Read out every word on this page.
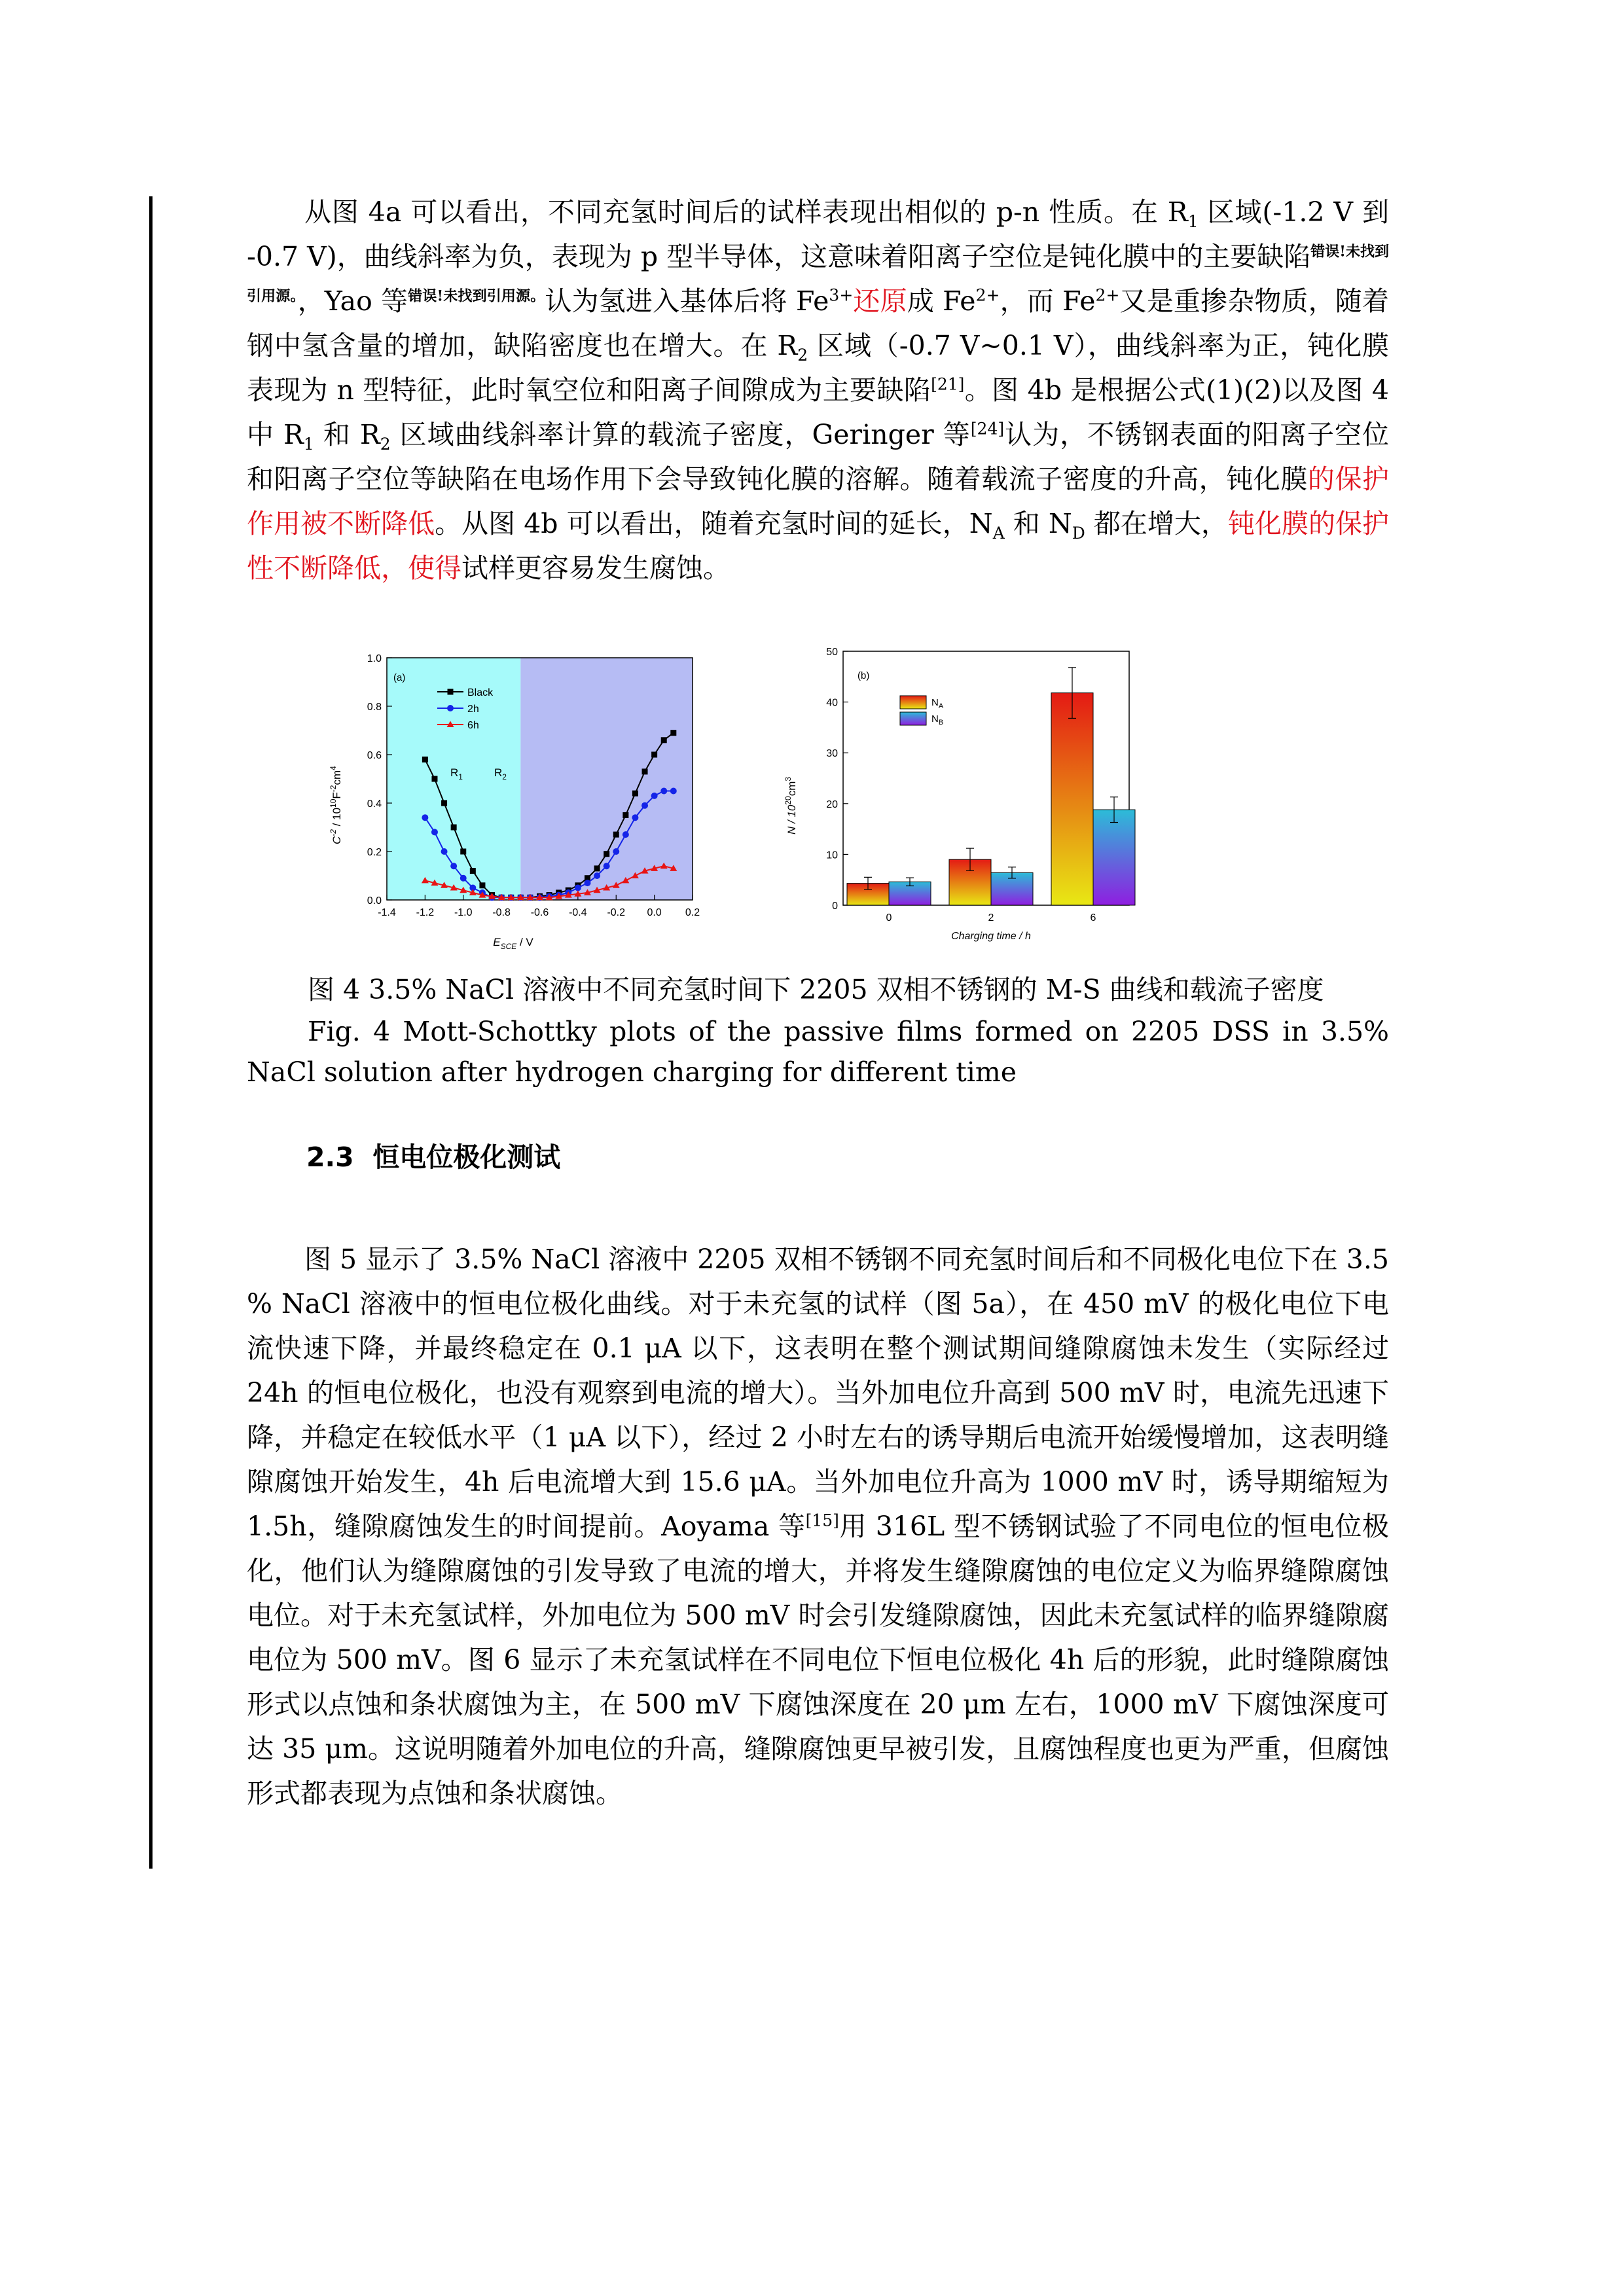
从图 4a 可以看出，不同充氢时间后的试样表现出相似的 p-n 性质。在 $R_1$ 区域(-1.2 V 到 -0.7 V)，曲线斜率为负，表现为 p 型半导体，这意味着阳离子空位是钝化膜中的主要缺陷$^{错误!未找到引用源。}$，Yao 等$^{错误!未找到引用源。}$认为氢进入基体后将 $Fe^{3+}$还原成 $Fe^{2+}$，而 $Fe^{2+}$又是重掺杂物质，随着钢中氢含量的增加，缺陷密度也在增大。在 $R_2$ 区域（-0.7 V~0.1 V），曲线斜率为正，钝化膜表现为 n 型特征，此时氧空位和阳离子间隙成为主要缺陷[21]。图 4b 是根据公式(1)(2)以及图 4 中 $R_1$ 和 $R_2$ 区域曲线斜率计算的载流子密度，Geringer 等[24]认为，不锈钢表面的阳离子空位和阳离子空位等缺陷在电场作用下会导致钝化膜的溶解。随着载流子密度的升高，钝化膜的保护作用被不断降低。从图 4b 可以看出，随着充氢时间的延长，$N_A$ 和 $N_D$ 都在增大，钝化膜的保护性不断降低，使得试样更容易发生腐蚀。

-1.4 -1.2 -1.0 -0.8 -0.6 -0.4 -0.2 0.0 0.2
0.0
0.2
0.4
0.6
0.8
1.0
(a)
$R_1$	$R_2$
Black
2h
6h
$C^{-2} / 10^{10}F^{-2}cm^4$
$E_{SCE}$ / V
0
10
20
30
40
50
0	2	6
Charging time / h
(b)
$N_A$
$N_B$
N / $10^{20}cm^3$

图 4 3.5% NaCl 溶液中不同充氢时间下 2205 双相不锈钢的 M-S 曲线和载流子密度

Fig. 4 Mott-Schottky plots of the passive films formed on 2205 DSS in 3.5% NaCl solution after hydrogen charging for different time

2.3 恒电位极化测试

图 5 显示了 3.5% NaCl 溶液中 2205 双相不锈钢不同充氢时间后和不同极化电位下在 3.5 % NaCl 溶液中的恒电位极化曲线。对于未充氢的试样（图 5a），在 450 mV 的极化电位下电流快速下降，并最终稳定在 0.1 μA 以下，这表明在整个测试期间缝隙腐蚀未发生（实际经过 24h 的恒电位极化，也没有观察到电流的增大）。当外加电位升高到 500 mV 时，电流先迅速下降，并稳定在较低水平（1 μA 以下），经过 2 小时左右的诱导期后电流开始缓慢增加，这表明缝隙腐蚀开始发生，4h 后电流增大到 15.6 μA。当外加电位升高为 1000 mV 时，诱导期缩短为 1.5h，缝隙腐蚀发生的时间提前。Aoyama 等[15]用 316L 型不锈钢试验了不同电位的恒电位极化，他们认为缝隙腐蚀的引发导致了电流的增大，并将发生缝隙腐蚀的电位定义为临界缝隙腐蚀电位。对于未充氢试样，外加电位为 500 mV 时会引发缝隙腐蚀，因此未充氢试样的临界缝隙腐电位为 500 mV。图 6 显示了未充氢试样在不同电位下恒电位极化 4h 后的形貌，此时缝隙腐蚀形式以点蚀和条状腐蚀为主，在 500 mV 下腐蚀深度在 20 μm 左右，1000 mV 下腐蚀深度可达 35 μm。这说明随着外加电位的升高，缝隙腐蚀更早被引发，且腐蚀程度也更为严重，但腐蚀形式都表现为点蚀和条状腐蚀。
